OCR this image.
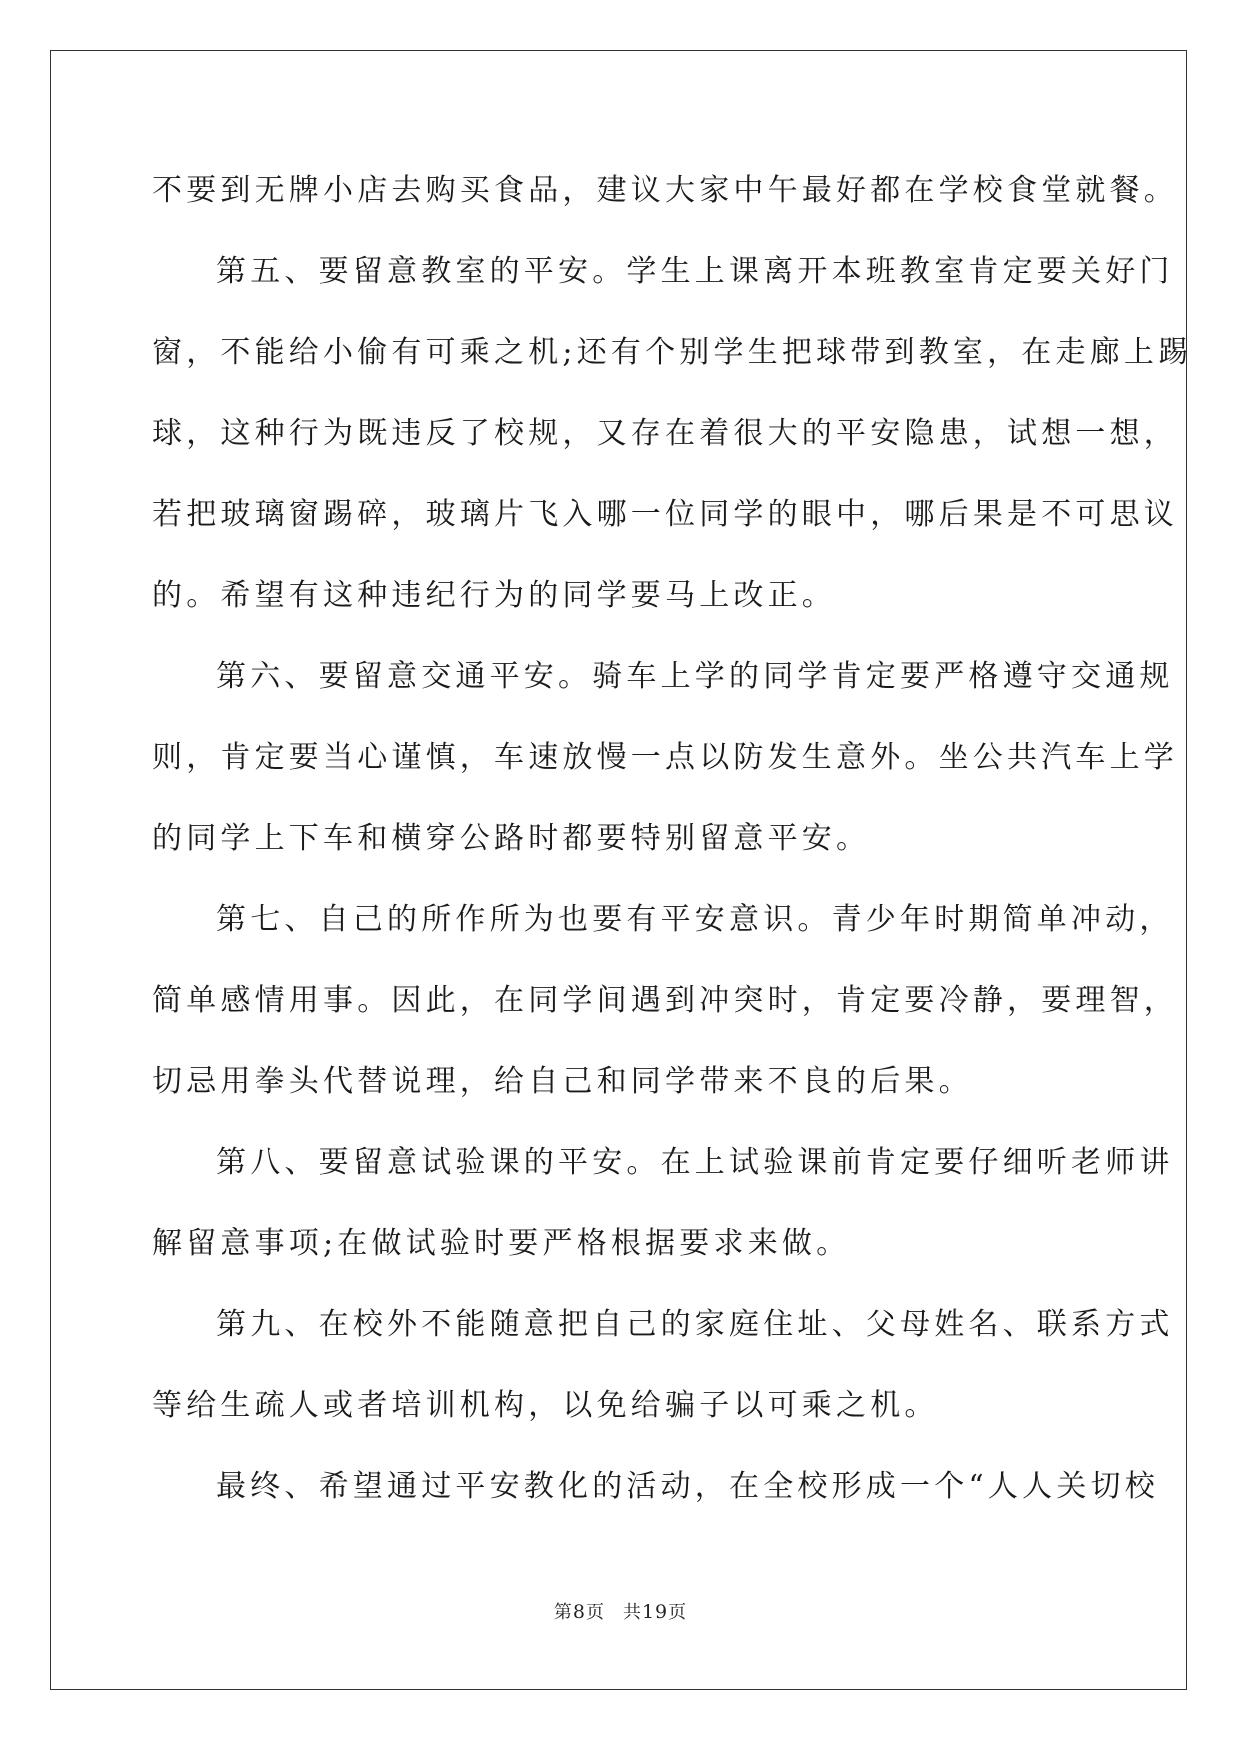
不要到无牌小店去购买食品，建议大家中午最好都在学校食堂就餐。
第五、要留意教室的平安。学生上课离开本班教室肯定要关好门
窗，不能给小偷有可乘之机;还有个别学生把球带到教室，在走廊上踢
球，这种行为既违反了校规，又存在着很大的平安隐患，试想一想，
若把玻璃窗踢碎，玻璃片飞入哪一位同学的眼中，哪后果是不可思议
的。希望有这种违纪行为的同学要马上改正。
第六、要留意交通平安。骑车上学的同学肯定要严格遵守交通规
则，肯定要当心谨慎，车速放慢一点以防发生意外。坐公共汽车上学
的同学上下车和横穿公路时都要特别留意平安。
第七、自己的所作所为也要有平安意识。青少年时期简单冲动，
简单感情用事。因此，在同学间遇到冲突时，肯定要冷静，要理智，
切忌用拳头代替说理，给自己和同学带来不良的后果。
第八、要留意试验课的平安。在上试验课前肯定要仔细听老师讲
解留意事项;在做试验时要严格根据要求来做。
第九、在校外不能随意把自己的家庭住址、父母姓名、联系方式
等给生疏人或者培训机构，以免给骗子以可乘之机。
最终、希望通过平安教化的活动，在全校形成一个“人人关切校
第8页 共19页
